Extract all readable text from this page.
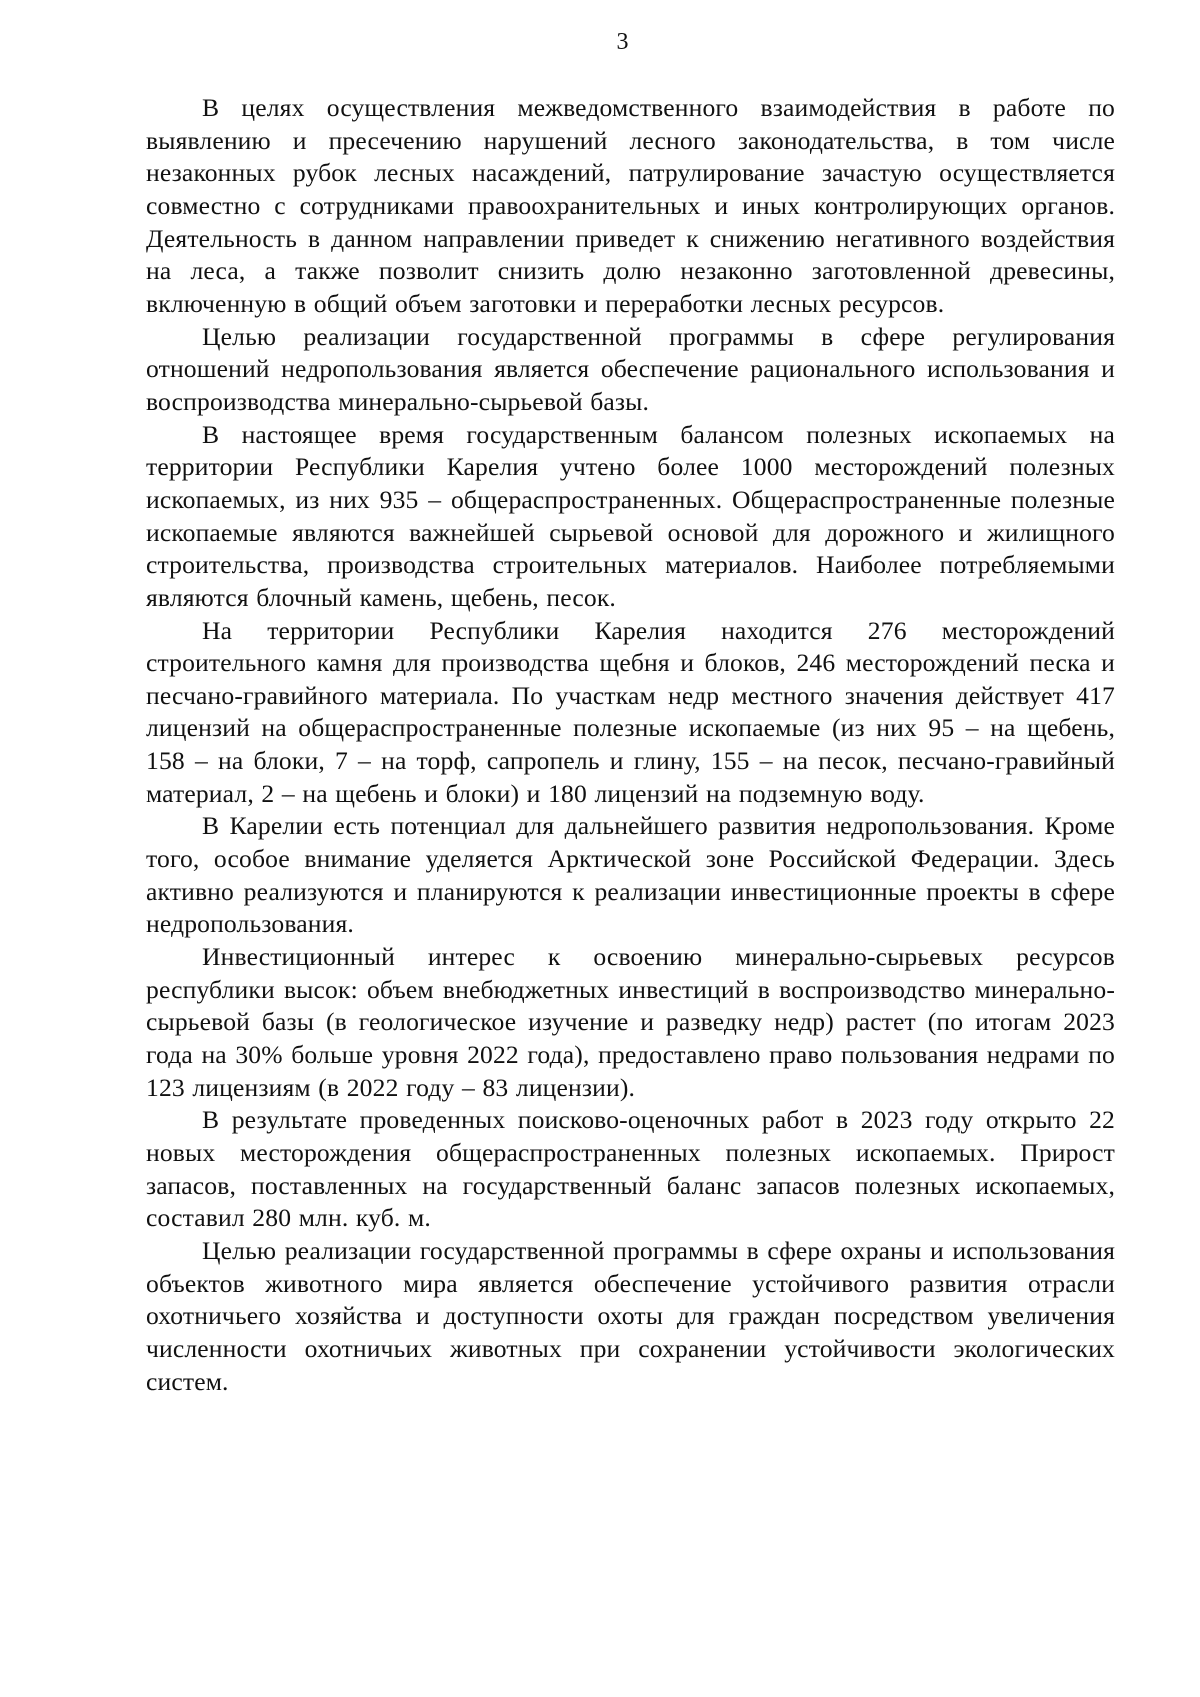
3

В целях осуществления межведомственного взаимодействия в работе по выявлению и пресечению нарушений лесного законодательства, в том числе незаконных рубок лесных насаждений, патрулирование зачастую осуществляется совместно с сотрудниками правоохранительных и иных контролирующих органов. Деятельность в данном направлении приведет к снижению негативного воздействия на леса, а также позволит снизить долю незаконно заготовленной древесины, включенную в общий объем заготовки и переработки лесных ресурсов.

Целью реализации государственной программы в сфере регулирования отношений недропользования является обеспечение рационального использования и воспроизводства минерально-сырьевой базы.

В настоящее время государственным балансом полезных ископаемых на территории Республики Карелия учтено более 1000 месторождений полезных ископаемых, из них 935 – общераспространенных. Общераспространенные полезные ископаемые являются важнейшей сырьевой основой для дорожного и жилищного строительства, производства строительных материалов. Наиболее потребляемыми являются блочный камень, щебень, песок.

На территории Республики Карелия находится 276 месторождений строительного камня для производства щебня и блоков, 246 месторождений песка и песчано-гравийного материала. По участкам недр местного значения действует 417 лицензий на общераспространенные полезные ископаемые (из них 95 – на щебень, 158 – на блоки, 7 – на торф, сапропель и глину, 155 – на песок, песчано-гравийный материал, 2 – на щебень и блоки) и 180 лицензий на подземную воду.

В Карелии есть потенциал для дальнейшего развития недропользования. Кроме того, особое внимание уделяется Арктической зоне Российской Федерации. Здесь активно реализуются и планируются к реализации инвестиционные проекты в сфере недропользования.

Инвестиционный интерес к освоению минерально-сырьевых ресурсов республики высок: объем внебюджетных инвестиций в воспроизводство минерально-сырьевой базы (в геологическое изучение и разведку недр) растет (по итогам 2023 года на 30% больше уровня 2022 года), предоставлено право пользования недрами по 123 лицензиям (в 2022 году – 83 лицензии).

В результате проведенных поисково-оценочных работ в 2023 году открыто 22 новых месторождения общераспространенных полезных ископаемых. Прирост запасов, поставленных на государственный баланс запасов полезных ископаемых, составил 280 млн. куб. м.

Целью реализации государственной программы в сфере охраны и использования объектов животного мира является обеспечение устойчивого развития отрасли охотничьего хозяйства и доступности охоты для граждан посредством увеличения численности охотничьих животных при сохранении устойчивости экологических систем.
